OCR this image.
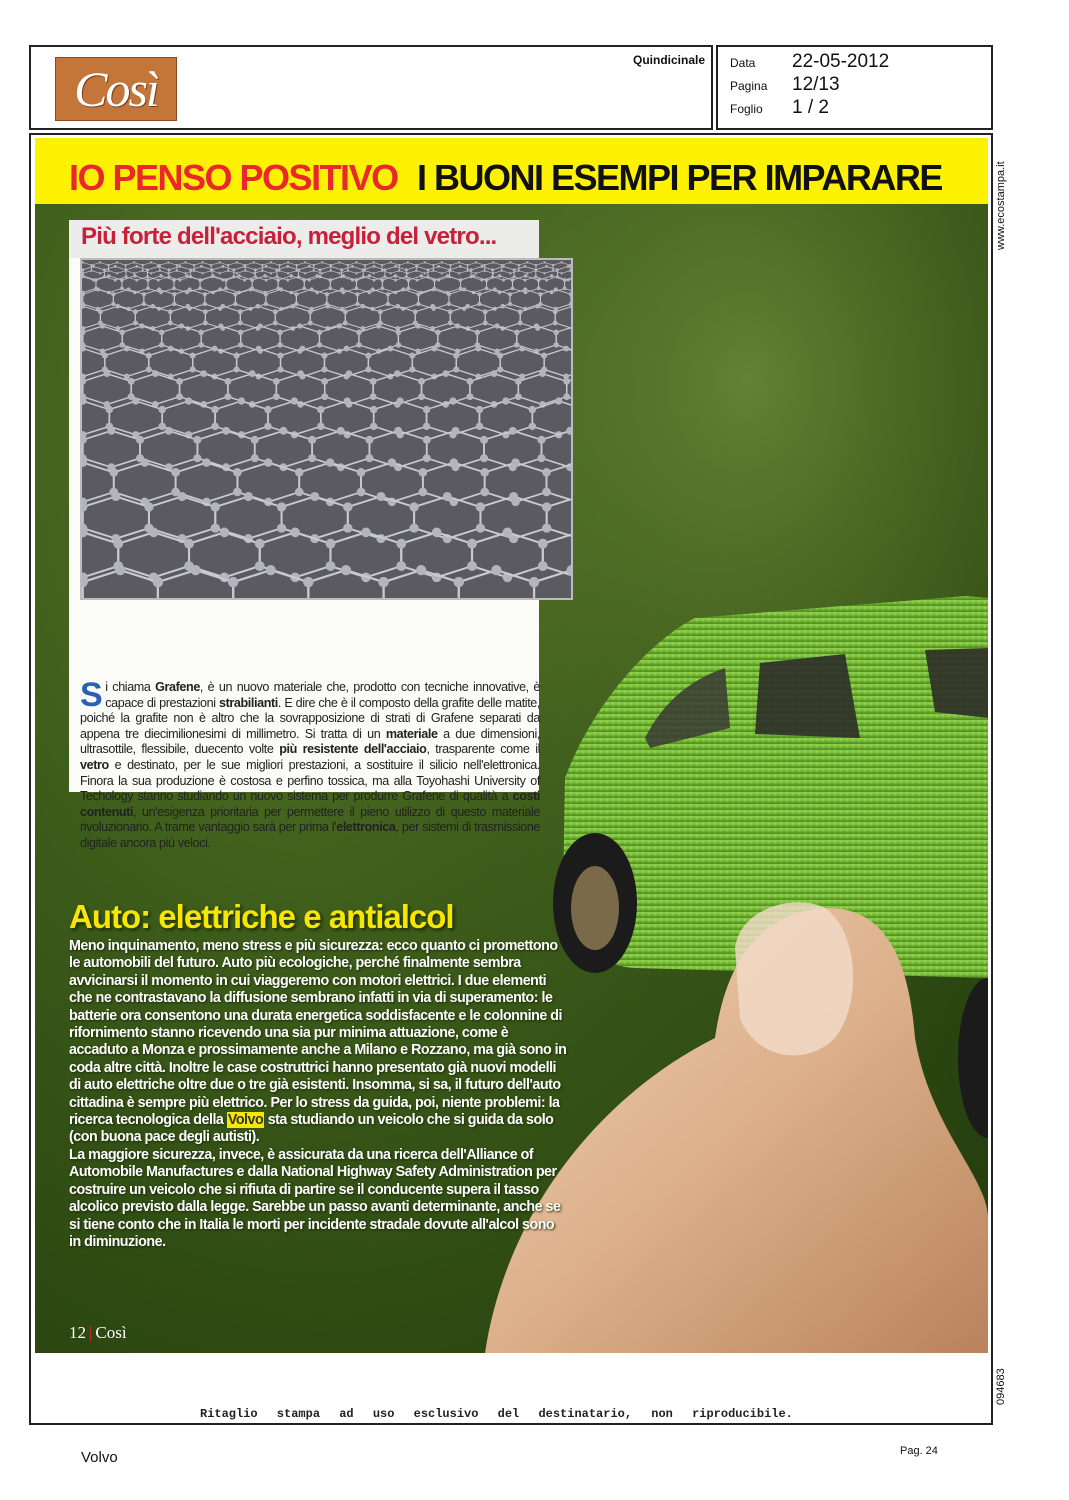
Così
Quindicinale Data	22-05-2012
Pagina	12/13
Foglio	1 / 2
www.ecostampa.it
094683
IO PENSO POSITIVO I BUONI ESEMPI PER IMPARARE
Più forte dell'acciaio, meglio del vetro...
S i chiama Grafene, è un nuovo materiale che, prodotto con tecniche innovative, è capace di prestazioni strabilianti. E dire che è il composto della grafite delle matite, poiché la grafite non è altro che la sovrapposizione di strati di Grafene separati da appena tre diecimilionesimi di millimetro. Si tratta di un materiale a due dimensioni, ultrasottile, flessibile, duecento volte più resistente dell'acciaio, trasparente come il vetro e destinato, per le sue migliori prestazioni, a sostituire il silicio nell'elettronica. Finora la sua produzione è costosa e perfino tossica, ma alla Toyohashi University of Techology stanno studiando un nuovo sistema per produrre Grafene di qualità a costi contenuti, un'esigenza prioritaria per permettere il pieno utilizzo di questo materiale rivoluzionario. A trame vantaggio sarà per prima l'elettronica, per sistemi di trasmissione digitale ancora più veloci.
Auto: elettriche e antialcol

Meno inquinamento, meno stress e più sicurezza: ecco quanto ci promettono le automobili del futuro. Auto più ecologiche, perché finalmente sembra avvicinarsi il momento in cui viaggeremo con motori elettrici. I due elementi che ne contrastavano la diffusione sembrano infatti in via di superamento: le batterie ora consentono una durata energetica soddisfacente e le colonnine di rifornimento stanno ricevendo una sia pur minima attuazione, come è accaduto a Monza e prossimamente anche a Milano e Rozzano, ma già sono in coda altre città. Inoltre le case costruttrici hanno presentato già nuovi modelli di auto elettriche oltre due o tre già esistenti. Insomma, si sa, il futuro dell'auto cittadina è sempre più elettrico. Per lo stress da guida, poi, niente problemi: la ricerca tecnologica della Volvo sta studiando un veicolo che si guida da solo (con buona pace degli autisti).

La maggiore sicurezza, invece, è assicurata da una ricerca dell'Alliance of Automobile Manufactures e dalla National Highway Safety Administration per costruire un veicolo che si rifiuta di partire se il conducente supera il tasso alcolico previsto dalla legge. Sarebbe un passo avanti determinante, anche se si tiene conto che in Italia le morti per incidente stradale dovute all'alcol sono in diminuzione.

12 | Così
Ritaglio stampa ad uso esclusivo del destinatario, non riproducibile.
Volvo	Pag. 24
